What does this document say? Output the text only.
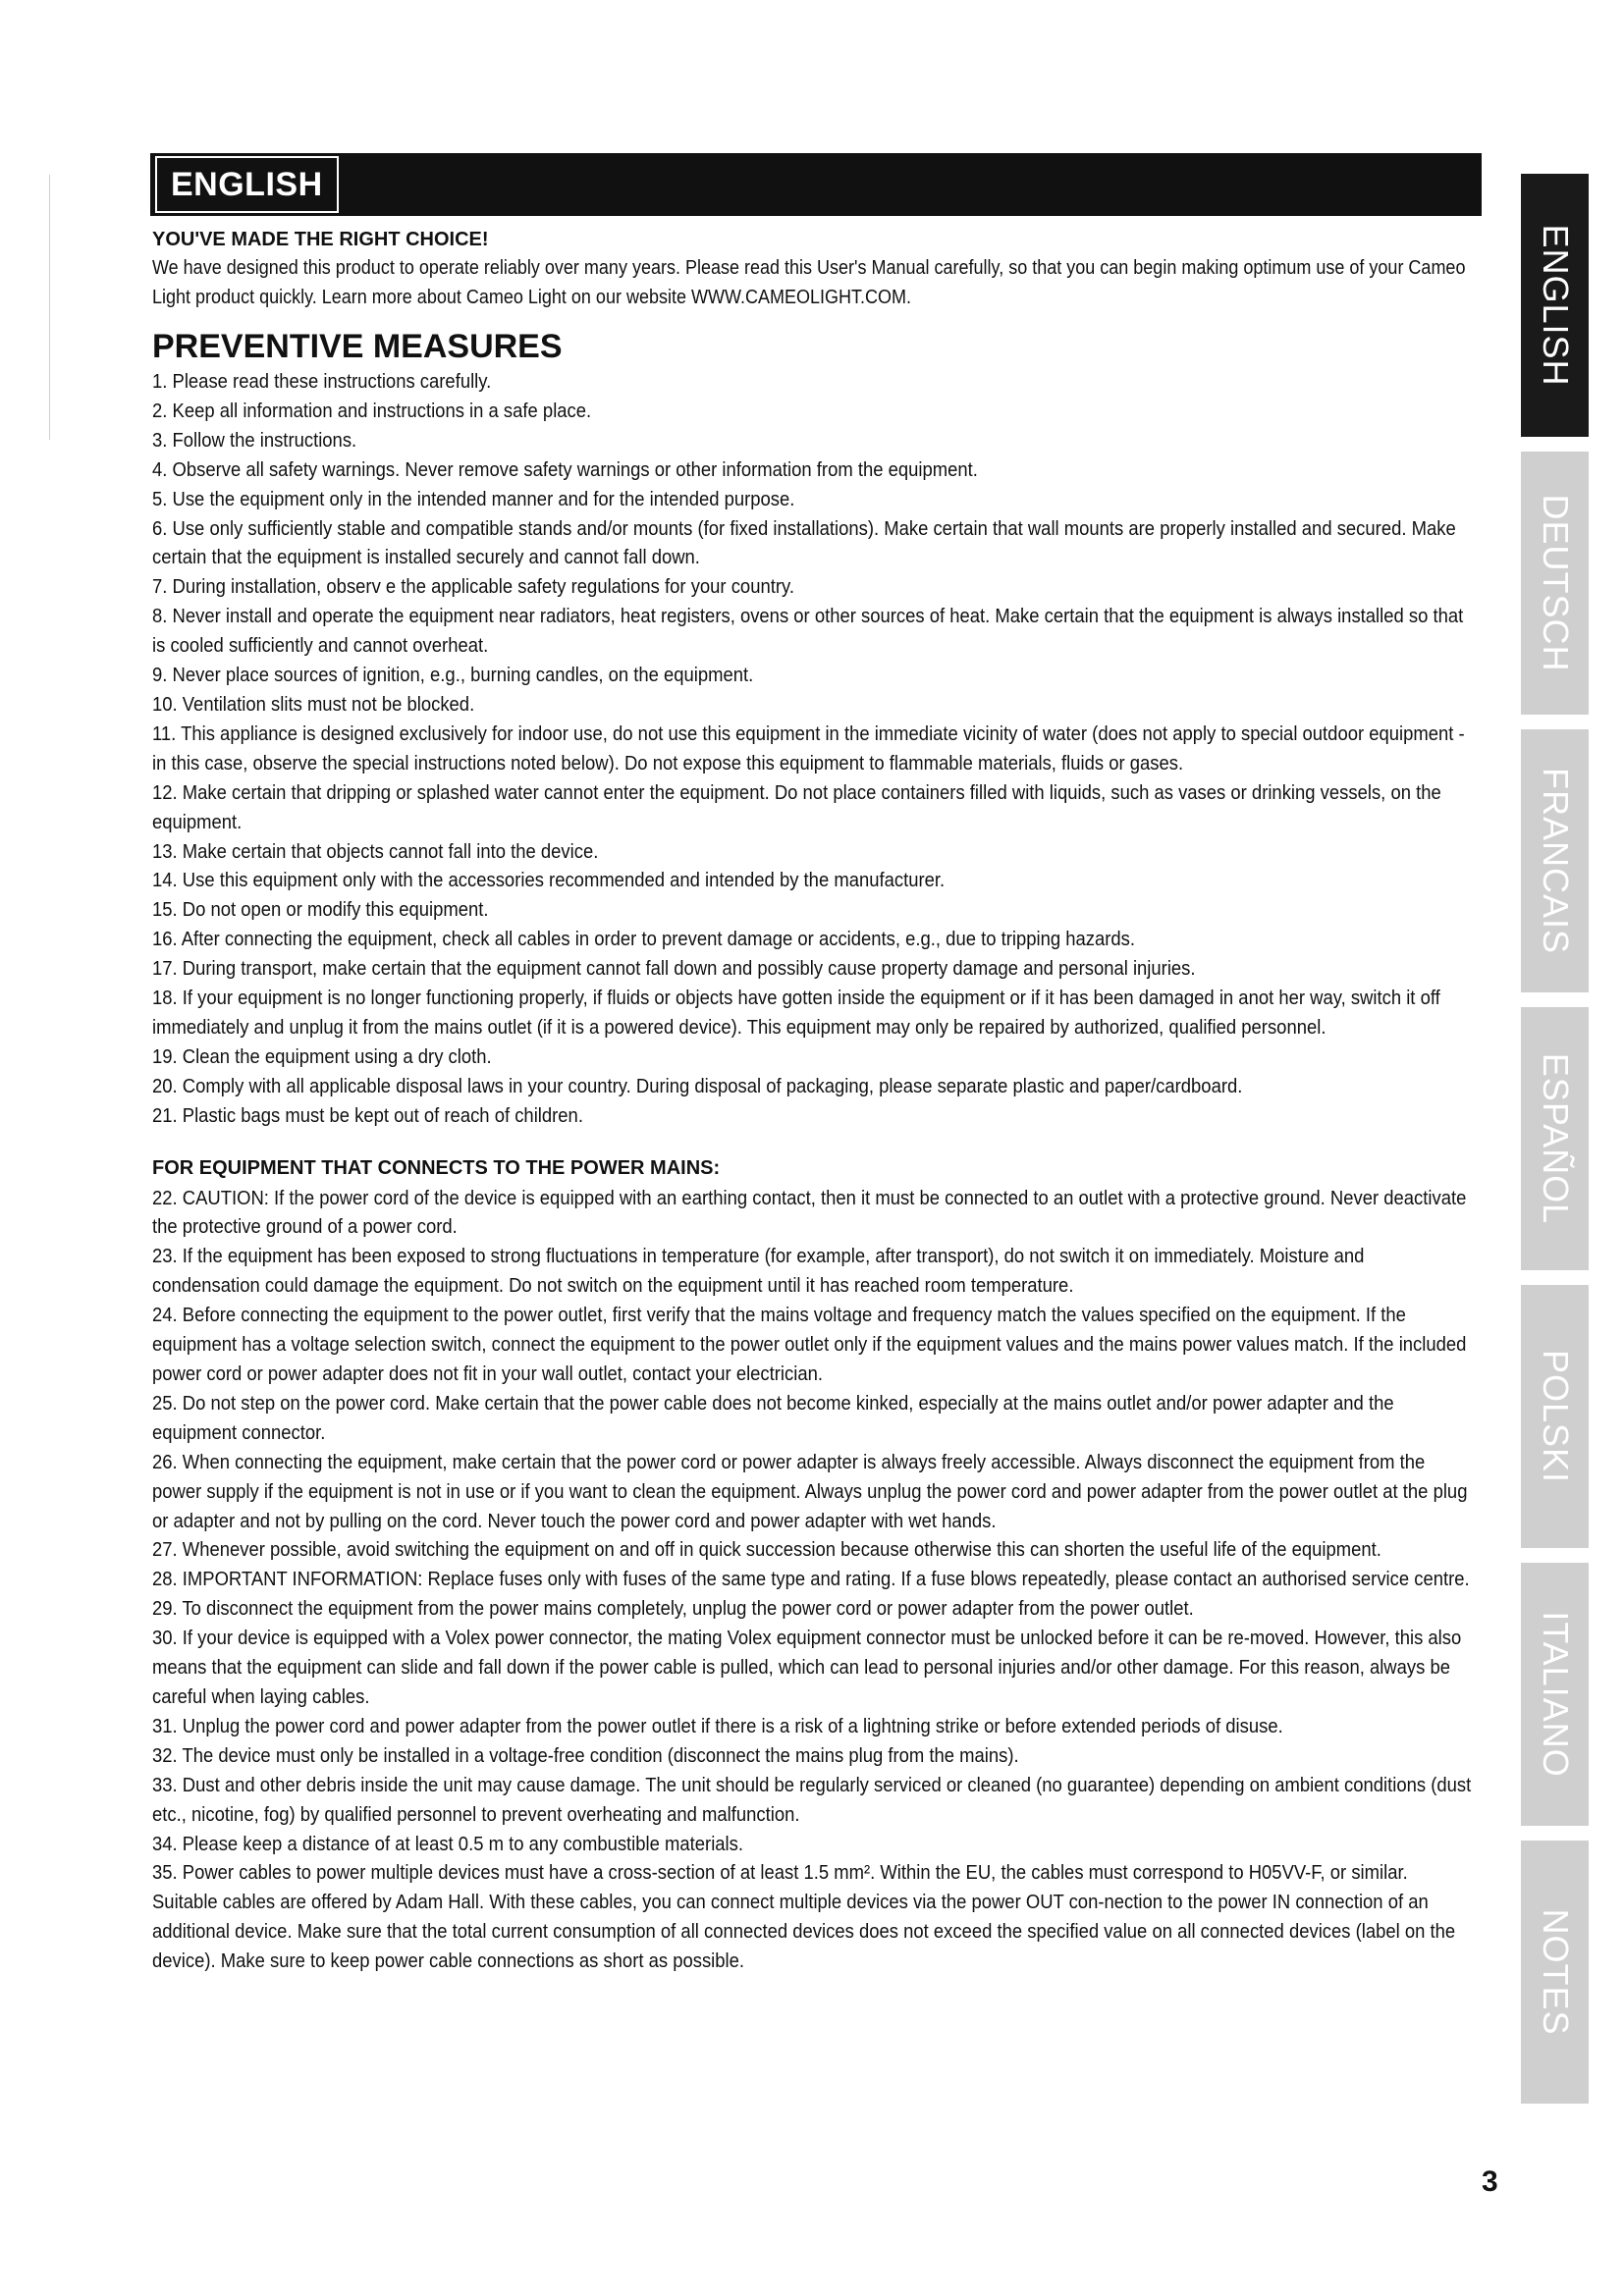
ENGLISH

YOU'VE MADE THE RIGHT CHOICE!

We have designed this product to operate reliably over many years. Please read this User's Manual carefully, so that you can begin making optimum use of your Cameo Light product quickly. Learn more about Cameo Light on our website WWW.CAMEOLIGHT.COM.

PREVENTIVE MEASURES
1. Please read these instructions carefully.
2. Keep all information and instructions in a safe place.
3. Follow the instructions.
4. Observe all safety warnings. Never remove safety warnings or other information from the equipment.
5. Use the equipment only in the intended manner and for the intended purpose.
6. Use only sufficiently stable and compatible stands and/or mounts (for fixed installations). Make certain that wall mounts are properly installed and secured. Make certain that the equipment is installed securely and cannot fall down.
7. During installation, observ e the applicable safety regulations for your country.
8. Never install and operate the equipment near radiators, heat registers, ovens or other sources of heat. Make certain that the equipment is always installed so that is cooled sufficiently and cannot overheat.
9. Never place sources of ignition, e.g., burning candles, on the equipment.
10. Ventilation slits must not be blocked.
11. This appliance is designed exclusively for indoor use, do not use this equipment in the immediate vicinity of water (does not apply to special outdoor equipment - in this case, observe the special instructions noted below). Do not expose this equipment to flammable materials, fluids or gases.
12. Make certain that dripping or splashed water cannot enter the equipment. Do not place containers filled with liquids, such as vases or drinking vessels, on the equipment.
13. Make certain that objects cannot fall into the device.
14. Use this equipment only with the accessories recommended and intended by the manufacturer.
15. Do not open or modify this equipment.
16. After connecting the equipment, check all cables in order to prevent damage or accidents, e.g., due to tripping hazards.
17. During transport, make certain that the equipment cannot fall down and possibly cause property damage and personal injuries.
18. If your equipment is no longer functioning properly, if fluids or objects have gotten inside the equipment or if it has been damaged in anot her way, switch it off immediately and unplug it from the mains outlet (if it is a powered device). This equipment may only be repaired by authorized, qualified personnel.
19. Clean the equipment using a dry cloth.
20. Comply with all applicable disposal laws in your country. During disposal of packaging, please separate plastic and paper/cardboard.
21. Plastic bags must be kept out of reach of children.

FOR EQUIPMENT THAT CONNECTS TO THE POWER MAINS:

22. CAUTION: If the power cord of the device is equipped with an earthing contact, then it must be connected to an outlet with a protective ground. Never deactivate the protective ground of a power cord.
23. If the equipment has been exposed to strong fluctuations in temperature (for example, after transport), do not switch it on immediately. Moisture and condensation could damage the equipment. Do not switch on the equipment until it has reached room temperature.
24. Before connecting the equipment to the power outlet, first verify that the mains voltage and frequency match the values specified on the equipment. If the equipment has a voltage selection switch, connect the equipment to the power outlet only if the equipment values and the mains power values match. If the included power cord or power adapter does not fit in your wall outlet, contact your electrician.
25. Do not step on the power cord. Make certain that the power cable does not become kinked, especially at the mains outlet and/or power adapter and the equipment connector.
26. When connecting the equipment, make certain that the power cord or power adapter is always freely accessible. Always disconnect the equipment from the power supply if the equipment is not in use or if you want to clean the equipment. Always unplug the power cord and power adapter from the power outlet at the plug or adapter and not by pulling on the cord. Never touch the power cord and power adapter with wet hands.
27. Whenever possible, avoid switching the equipment on and off in quick succession because otherwise this can shorten the useful life of the equipment.
28. IMPORTANT INFORMATION: Replace fuses only with fuses of the same type and rating. If a fuse blows repeatedly, please contact an authorised service centre.
29. To disconnect the equipment from the power mains completely, unplug the power cord or power adapter from the power outlet.
30. If your device is equipped with a Volex power connector, the mating Volex equipment connector must be unlocked before it can be re-moved. However, this also means that the equipment can slide and fall down if the power cable is pulled, which can lead to personal injuries and/or other damage. For this reason, always be careful when laying cables.
31. Unplug the power cord and power adapter from the power outlet if there is a risk of a lightning strike or before extended periods of disuse.
32. The device must only be installed in a voltage-free condition (disconnect the mains plug from the mains).
33. Dust and other debris inside the unit may cause damage. The unit should be regularly serviced or cleaned (no guarantee) depending on ambient conditions (dust etc., nicotine, fog) by qualified personnel to prevent overheating and malfunction.
34. Please keep a distance of at least 0.5 m to any combustible materials.
35. Power cables to power multiple devices must have a cross-section of at least 1.5 mm². Within the EU, the cables must correspond to H05VV-F, or similar. Suitable cables are offered by Adam Hall. With these cables, you can connect multiple devices via the power OUT con-nection to the power IN connection of an additional device. Make sure that the total current consumption of all connected devices does not exceed the specified value on all connected devices (label on the device). Make sure to keep power cable connections as short as possible.
3
ENGLISH
DEUTSCH
FRANCAIS
ESPAÑOL
POLSKI
ITALIANO
NOTES
